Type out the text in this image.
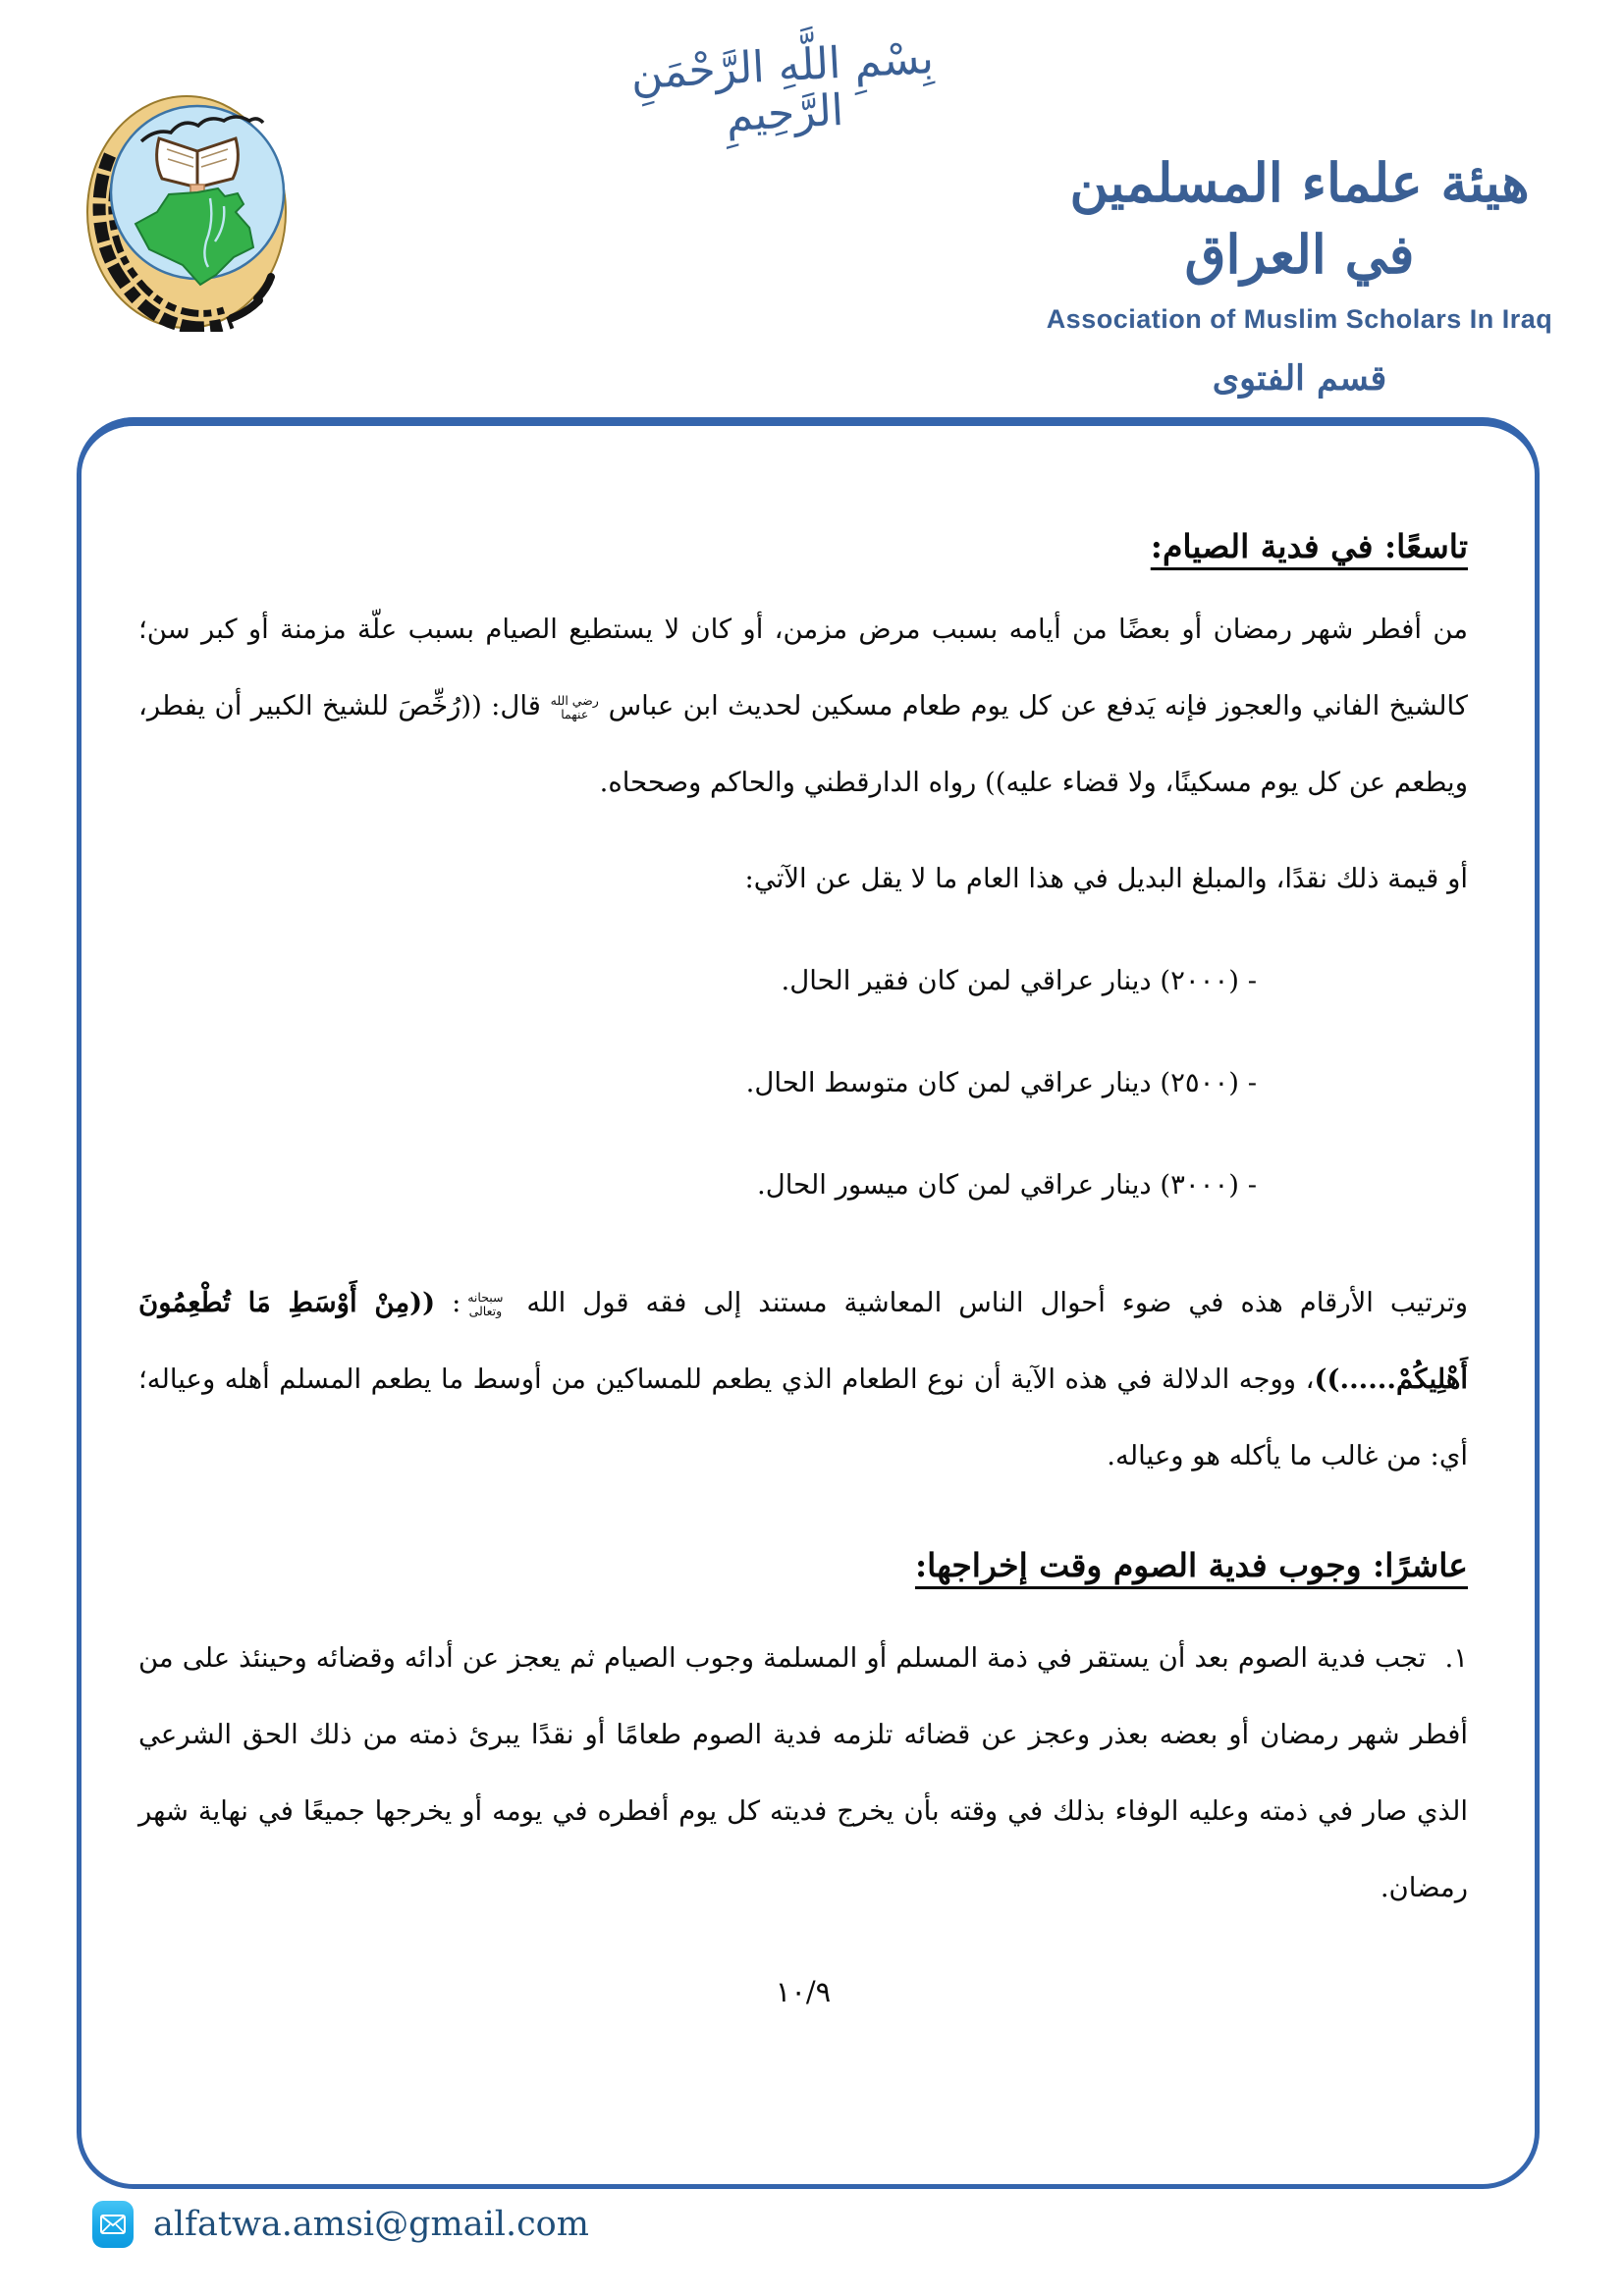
بِسْمِ اللَّهِ الرَّحْمَنِ الرَّحِيمِ
هيئة علماء المسلمين في العراق
Association of Muslim Scholars In Iraq
قسم الفتوى
تاسعًا: في فدية الصيام:
من أفطر شهر رمضان أو بعضًا من أيامه بسبب مرض مزمن، أو كان لا يستطيع الصيام بسبب علّة مزمنة أو كبر سن؛ كالشيخ الفاني والعجوز فإنه يَدفع عن كل يوم طعام مسكين لحديث ابن عباس رضي الله عنهما قال: ((رُخِّصَ للشيخ الكبير أن يفطر، ويطعم عن كل يوم مسكينًا، ولا قضاء عليه)) رواه الدارقطني والحاكم وصححاه.
أو قيمة ذلك نقدًا، والمبلغ البديل في هذا العام ما لا يقل عن الآتي:
- (٢٠٠٠) دينار عراقي لمن كان فقير الحال.
- (٢٥٠٠) دينار عراقي لمن كان متوسط الحال.
- (٣٠٠٠) دينار عراقي لمن كان ميسور الحال.
وترتيب الأرقام هذه في ضوء أحوال الناس المعاشية مستند إلى فقه قول الله سبحانه وتعالى: ((مِنْ أَوْسَطِ مَا تُطْعِمُونَ أَهْلِيكُمْ......))، ووجه الدلالة في هذه الآية أن نوع الطعام الذي يطعم للمساكين من أوسط ما يطعم المسلم أهله وعياله؛ أي: من غالب ما يأكله هو وعياله.
عاشرًا: وجوب فدية الصوم وقت إخراجها:
١. تجب فدية الصوم بعد أن يستقر في ذمة المسلم أو المسلمة وجوب الصيام ثم يعجز عن أدائه وقضائه وحينئذ على من أفطر شهر رمضان أو بعضه بعذر وعجز عن قضائه تلزمه فدية الصوم طعامًا أو نقدًا يبرئ ذمته من ذلك الحق الشرعي الذي صار في ذمته وعليه الوفاء بذلك في وقته بأن يخرج فديته كل يوم أفطره في يومه أو يخرجها جميعًا في نهاية شهر رمضان.
١٠/٩
alfatwa.amsi@gmail.com
